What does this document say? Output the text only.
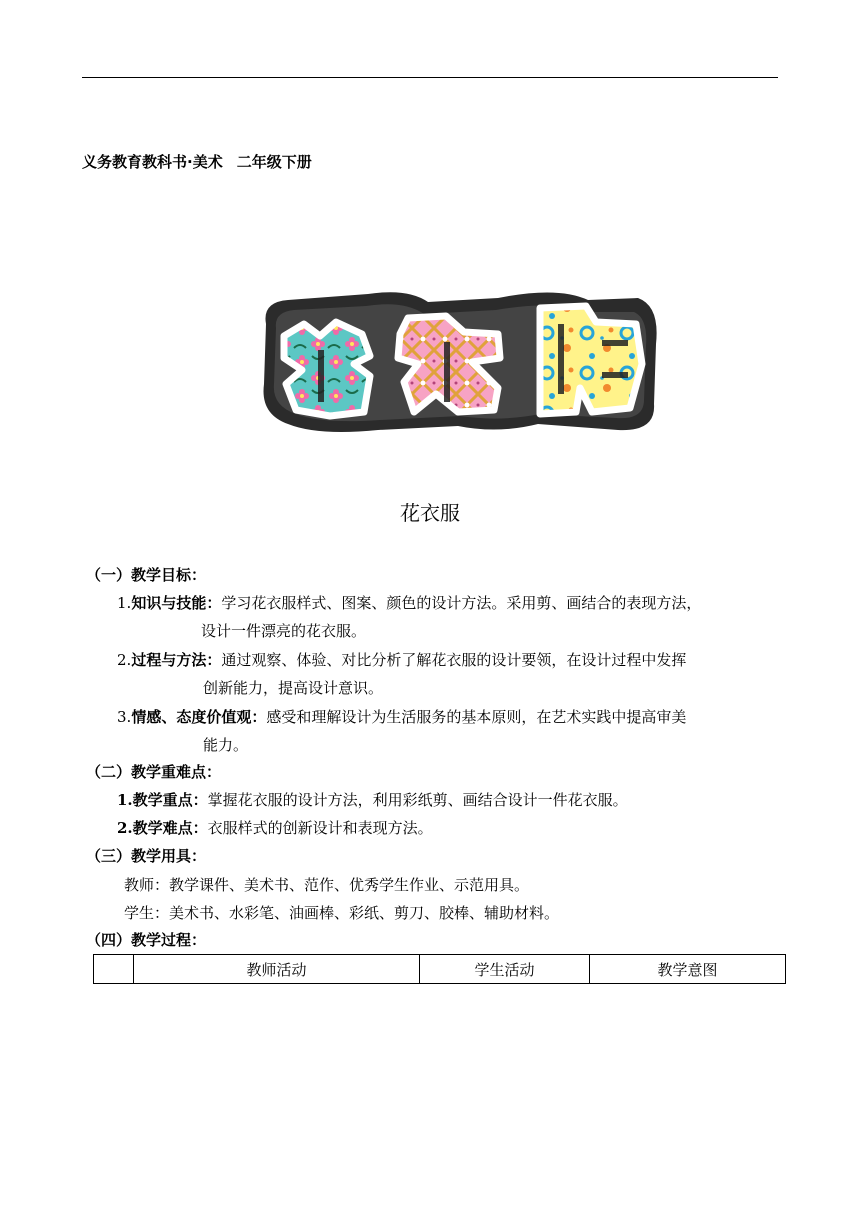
义务教育教科书·美术 二年级下册
花衣服
（一）教学目标：
1.知识与技能：学习花衣服样式、图案、颜色的设计方法。采用剪、画结合的表现方法，
设计一件漂亮的花衣服。
2.过程与方法：通过观察、体验、对比分析了解花衣服的设计要领，在设计过程中发挥
创新能力，提高设计意识。
3.情感、态度价值观：感受和理解设计为生活服务的基本原则，在艺术实践中提高审美
能力。
（二）教学重难点：
1.教学重点：掌握花衣服的设计方法，利用彩纸剪、画结合设计一件花衣服。
2.教学难点：衣服样式的创新设计和表现方法。
（三）教学用具：
教师：教学课件、美术书、范作、优秀学生作业、示范用具。
学生：美术书、水彩笔、油画棒、彩纸、剪刀、胶棒、辅助材料。
（四）教学过程：
	教师活动	学生活动	教学意图
